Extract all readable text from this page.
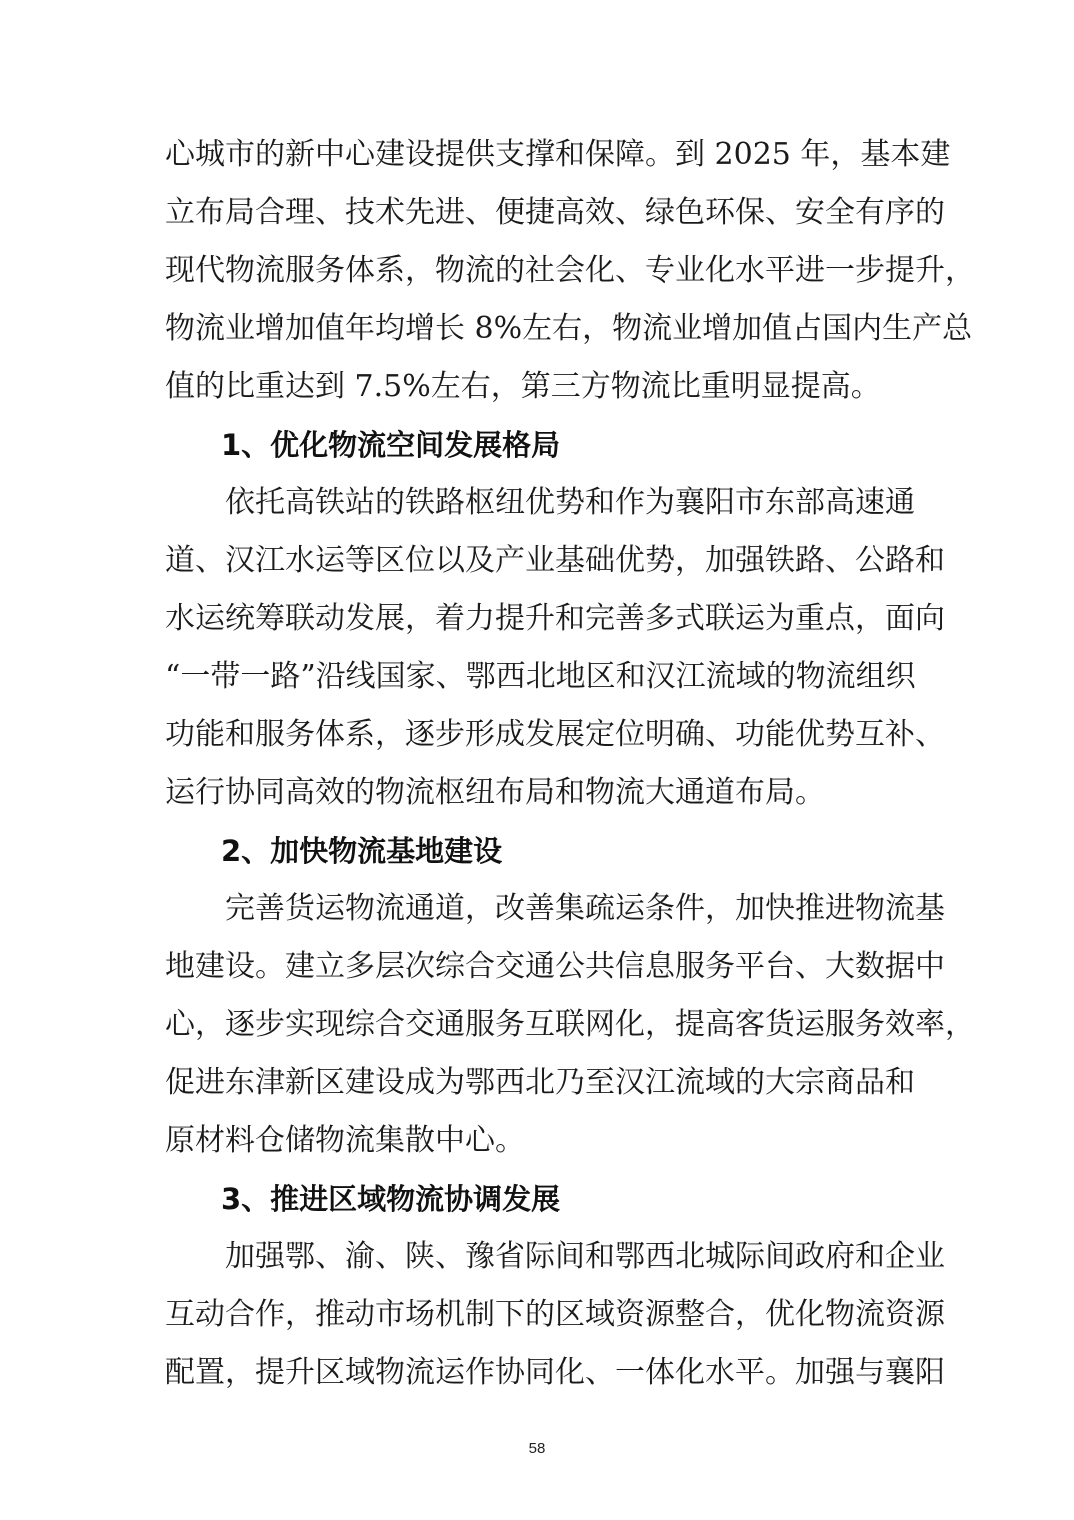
心城市的新中心建设提供支撑和保障。到 2025 年，基本建
立布局合理、技术先进、便捷高效、绿色环保、安全有序的
现代物流服务体系，物流的社会化、专业化水平进一步提升，
物流业增加值年均增长 8%左右，物流业增加值占国内生产总
值的比重达到 7.5%左右，第三方物流比重明显提高。
1、优化物流空间发展格局
依托高铁站的铁路枢纽优势和作为襄阳市东部高速通
道、汉江水运等区位以及产业基础优势，加强铁路、公路和
水运统筹联动发展，着力提升和完善多式联运为重点，面向
“一带一路”沿线国家、鄂西北地区和汉江流域的物流组织
功能和服务体系，逐步形成发展定位明确、功能优势互补、
运行协同高效的物流枢纽布局和物流大通道布局。
2、加快物流基地建设
完善货运物流通道，改善集疏运条件，加快推进物流基
地建设。建立多层次综合交通公共信息服务平台、大数据中
心，逐步实现综合交通服务互联网化，提高客货运服务效率，
促进东津新区建设成为鄂西北乃至汉江流域的大宗商品和
原材料仓储物流集散中心。
3、推进区域物流协调发展
加强鄂、渝、陕、豫省际间和鄂西北城际间政府和企业
互动合作，推动市场机制下的区域资源整合，优化物流资源
配置，提升区域物流运作协同化、一体化水平。加强与襄阳
58
